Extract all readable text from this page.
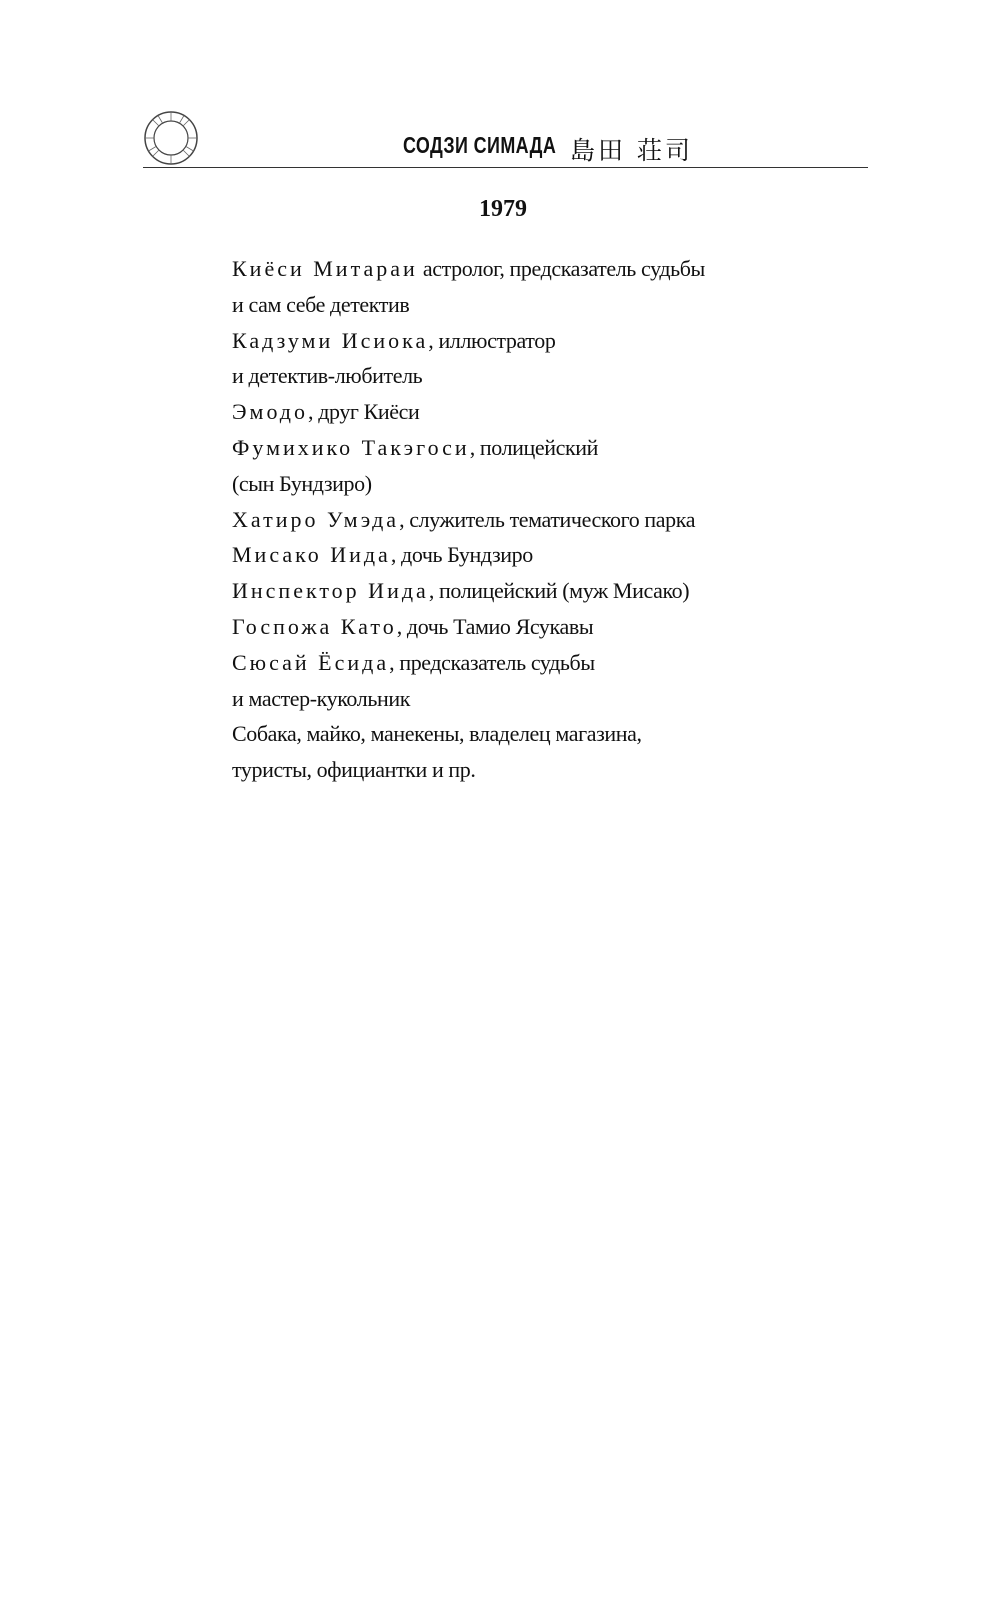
СОДЗИ СИМАДА 島田 荘司
1979
Киёси Митараи астролог, предсказатель судьбы
и сам себе детектив
Кадзуми Исиока, иллюстратор
и детектив-любитель
Эмодо, друг Киёси
Фумихико Такэгоси, полицейский
(сын Бундзиро)
Хатиро Умэда, служитель тематического парка
Мисако Иида, дочь Бундзиро
Инспектор Иида, полицейский (муж Мисако)
Госпожа Като, дочь Тамио Ясукавы
Сюсай Ёсида, предсказатель судьбы
и мастер-кукольник
Собака, майко, манекены, владелец магазина,
туристы, официантки и пр.
